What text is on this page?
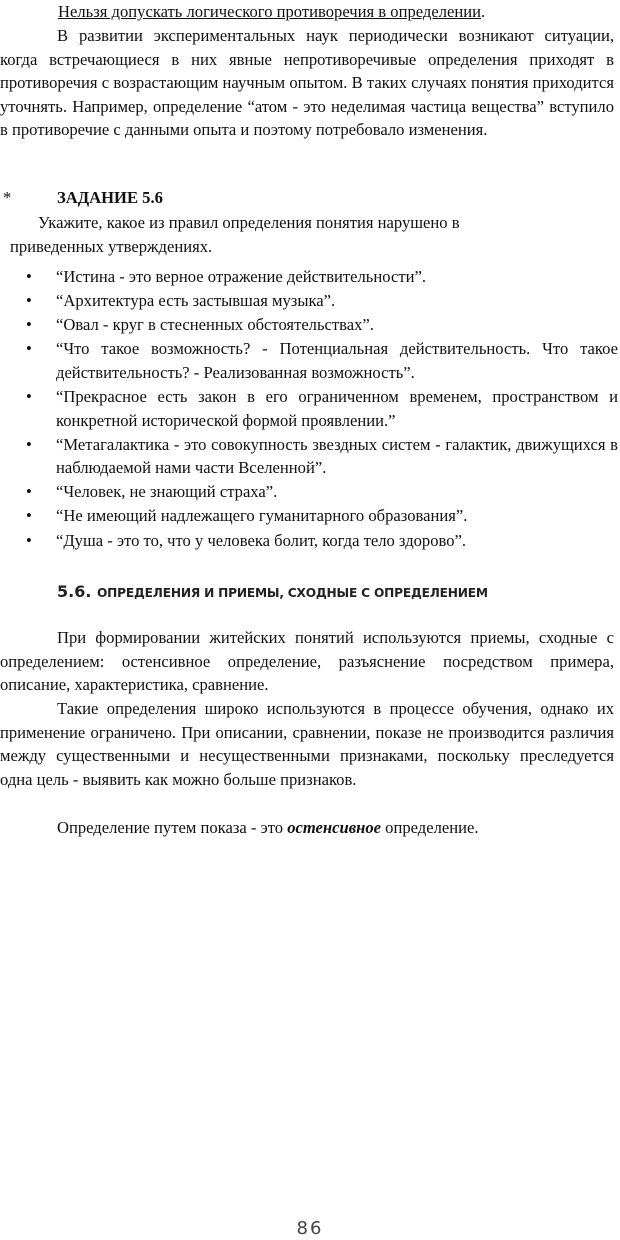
Нельзя допускать логического противоречия в определении.

В развитии экспериментальных наук периодически возникают ситуации, когда встречающиеся в них явные непротиворечивые определения приходят в противоречия с возрастающим научным опытом. В таких случаях понятия приходится уточнять. Например, определение “атом - это неделимая частица вещества” вступило в противоречие с данными опыта и поэтому потребовало изменения.

*	ЗАДАНИЕ 5.6

Укажите, какое из правил определения понятия нарушено в приведенных утверждениях.

• “Истина - это верное отражение действительности”.
• “Архитектура есть застывшая музыка”.
• “Овал - круг в стесненных обстоятельствах”.
• “Что такое возможность? - Потенциальная действительность. Что такое действительность? - Реализованная возможность”.
• “Прекрасное есть закон в его ограниченном временем, пространством и конкретной исторической формой проявлении.”
• “Метагалактика - это совокупность звездных систем - галактик, движущихся в наблюдаемой нами части Вселенной”.
• “Человек, не знающий страха”.
• “Не имеющий надлежащего гуманитарного образования”.
• “Душа - это то, что у человека болит, когда тело здорово”.
5.6. ОПРЕДЕЛЕНИЯ И ПРИЕМЫ, СХОДНЫЕ С ОПРЕДЕЛЕНИЕМ

При формировании житейских понятий используются приемы, сходные с определением: остенсивное определение, разъяснение посредством примера, описание, характеристика, сравнение.

Такие определения широко используются в процессе обучения, однако их применение ограничено. При описании, сравнении, показе не производится различия между существенными и несущественными признаками, поскольку преследуется одна цель - выявить как можно больше признаков.

Определение путем показа - это остенсивное определение.

86
